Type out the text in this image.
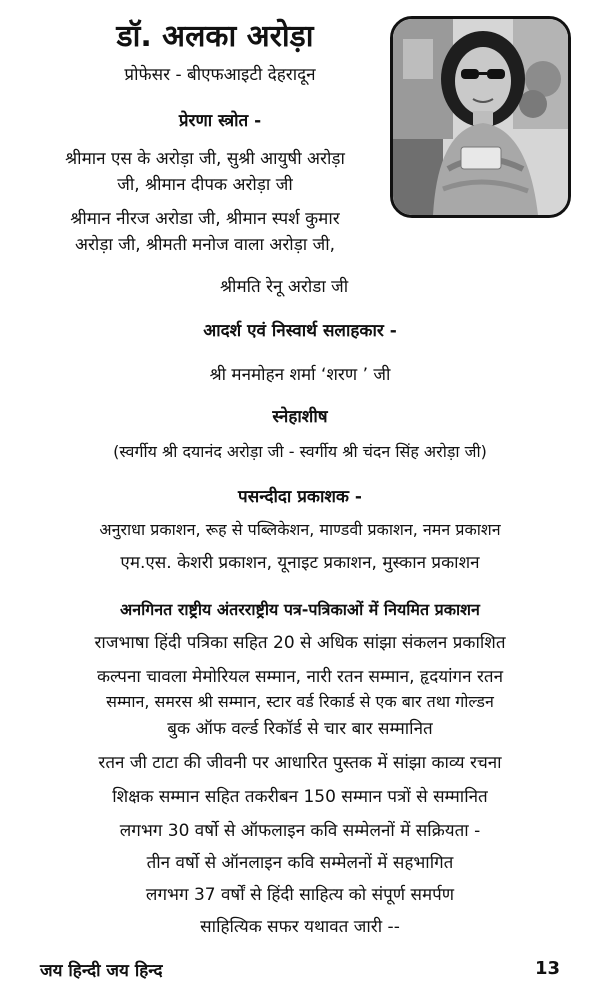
डॉ. अलका अरोड़ा
प्रोफेसर - बीएफआइटी देहरादून
प्रेरणा स्त्रोत -
श्रीमान एस के अरोड़ा जी, सुश्री आयुषी अरोड़ा
जी, श्रीमान दीपक अरोड़ा जी
श्रीमान नीरज अरोडा जी, श्रीमान स्पर्श कुमार
अरोड़ा जी, श्रीमती मनोज वाला अरोड़ा जी,
श्रीमति रेनू अरोडा जी
आदर्श एवं निस्वार्थ सलाहकार -
श्री मनमोहन शर्मा ‘शरण ’ जी
स्नेहाशीष
(स्वर्गीय श्री दयानंद अरोड़ा जी - स्वर्गीय श्री चंदन सिंह अरोड़ा जी)
पसन्दीदा प्रकाशक -
अनुराधा प्रकाशन, रूह से पब्लिकेशन, माण्डवी प्रकाशन, नमन प्रकाशन
एम.एस. केशरी प्रकाशन, यूनाइट प्रकाशन, मुस्कान प्रकाशन
अनगिनत राष्ट्रीय अंतरराष्ट्रीय पत्र-पत्रिकाओं में नियमित प्रकाशन
राजभाषा हिंदी पत्रिका सहित 20 से अधिक सांझा संकलन प्रकाशित
कल्पना चावला मेमोरियल सम्मान, नारी रतन सम्मान, हृदयांगन रतन
सम्मान, समरस श्री सम्मान, स्टार वर्ड रिकार्ड से एक बार तथा गोल्डन
बुक ऑफ वर्ल्ड रिकॉर्ड से चार बार सम्मानित
रतन जी टाटा की जीवनी पर आधारित पुस्तक में सांझा काव्य रचना
शिक्षक सम्मान सहित तकरीबन 150 सम्मान पत्रों से सम्मानित
लगभग 30 वर्षो से ऑफलाइन कवि सम्मेलनों में सक्रियता -
तीन वर्षो से ऑनलाइन कवि सम्मेलनों में सहभागित
लगभग 37 वर्षों से हिंदी साहित्य को संपूर्ण समर्पण
साहित्यिक सफर यथावत जारी --
जय हिन्दी जय हिन्द	13
